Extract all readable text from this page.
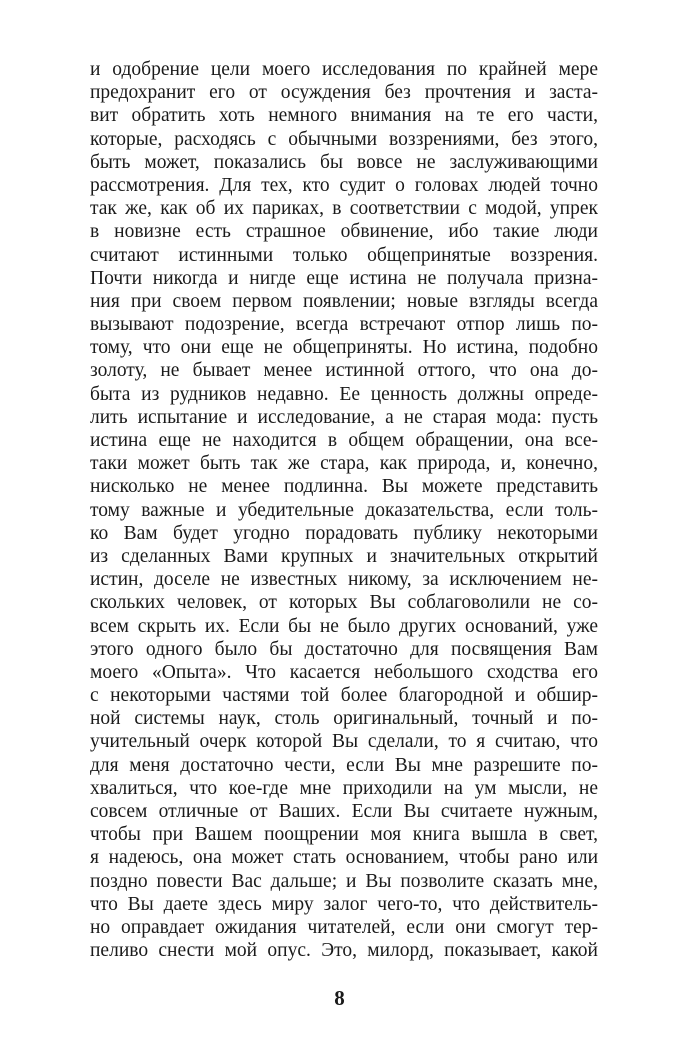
и одобрение цели моего исследования по крайней мере
предохранит его от осуждения без прочтения и заста-
вит обратить хоть немного внимания на те его части,
которые, расходясь с обычными воззрениями, без этого,
быть может, показались бы вовсе не заслуживающими
рассмотрения. Для тех, кто судит о головах людей точно
так же, как об их париках, в соответствии с модой, упрек
в новизне есть страшное обвинение, ибо такие люди
считают истинными только общепринятые воззрения.
Почти никогда и нигде еще истина не получала призна-
ния при своем первом появлении; новые взгляды всегда
вызывают подозрение, всегда встречают отпор лишь по-
тому, что они еще не общеприняты. Но истина, подобно
золоту, не бывает менее истинной оттого, что она до-
быта из рудников недавно. Ее ценность должны опреде-
лить испытание и исследование, а не старая мода: пусть
истина еще не находится в общем обращении, она все-
таки может быть так же стара, как природа, и, конечно,
нисколько не менее подлинна. Вы можете представить
тому важные и убедительные доказательства, если толь-
ко Вам будет угодно порадовать публику некоторыми
из сделанных Вами крупных и значительных открытий
истин, доселе не известных никому, за исключением не-
скольких человек, от которых Вы соблаговолили не со-
всем скрыть их. Если бы не было других оснований, уже
этого одного было бы достаточно для посвящения Вам
моего «Опыта». Что касается небольшого сходства его
с некоторыми частями той более благородной и обшир-
ной системы наук, столь оригинальный, точный и по-
учительный очерк которой Вы сделали, то я считаю, что
для меня достаточно чести, если Вы мне разрешите по-
хвалиться, что кое-где мне приходили на ум мысли, не
совсем отличные от Ваших. Если Вы считаете нужным,
чтобы при Вашем поощрении моя книга вышла в свет,
я надеюсь, она может стать основанием, чтобы рано или
поздно повести Вас дальше; и Вы позволите сказать мне,
что Вы даете здесь миру залог чего-то, что действитель-
но оправдает ожидания читателей, если они смогут тер-
пеливо снести мой опус. Это, милорд, показывает, какой
8
